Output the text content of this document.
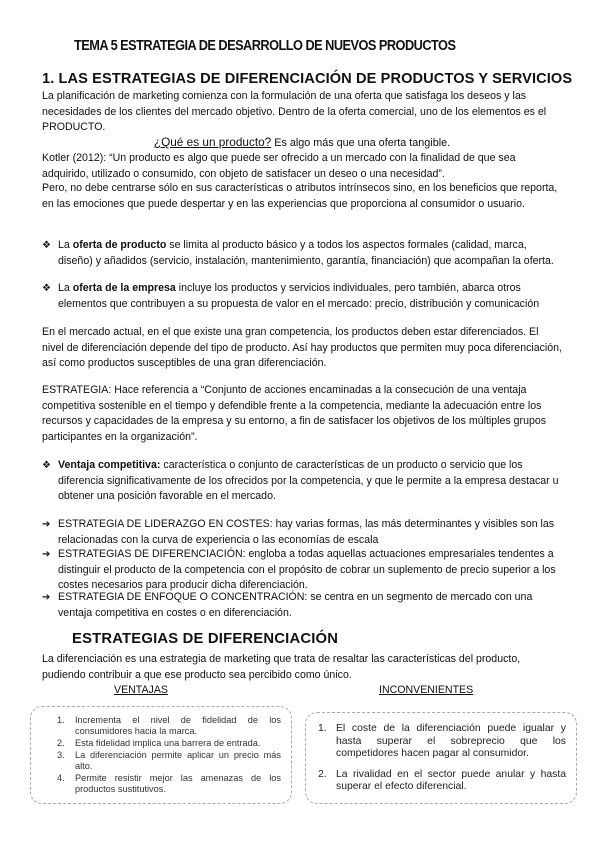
TEMA 5 ESTRATEGIA DE DESARROLLO DE NUEVOS PRODUCTOS
1. LAS ESTRATEGIAS DE DIFERENCIACIÓN DE PRODUCTOS Y SERVICIOS
La planificación de marketing comienza con la formulación de una oferta que satisfaga los deseos y las necesidades de los clientes del mercado objetivo. Dentro de la oferta comercial, uno de los elementos es el PRODUCTO.
¿Qué es un producto? Es algo más que una oferta tangible.
Kotler (2012): “Un producto es algo que puede ser ofrecido a un mercado con la finalidad de que sea adquirido, utilizado o consumido, con objeto de satisfacer un deseo o una necesidad”.
Pero, no debe centrarse sólo en sus características o atributos intrínsecos sino, en los beneficios que reporta, en las emociones que puede despertar y en las experiencias que proporciona al consumidor o usuario.
❖ La oferta de producto se limita al producto básico y a todos los aspectos formales (calidad, marca, diseño) y añadidos (servicio, instalación, mantenimiento, garantía, financiación) que acompañan la oferta.
❖ La oferta de la empresa incluye los productos y servicios individuales, pero también, abarca otros elementos que contribuyen a su propuesta de valor en el mercado: precio, distribución y comunicación
En el mercado actual, en el que existe una gran competencia, los productos deben estar diferenciados. El nivel de diferenciación depende del tipo de producto. Así hay productos que permiten muy poca diferenciación, así como productos susceptibles de una gran diferenciación.
ESTRATEGIA: Hace referencia a “Conjunto de acciones encaminadas a la consecución de una ventaja competitiva sostenible en el tiempo y defendible frente a la competencia, mediante la adecuación entre los recursos y capacidades de la empresa y su entorno, a fin de satisfacer los objetivos de los múltiples grupos participantes en la organización”.
❖ Ventaja competitiva: característica o conjunto de características de un producto o servicio que los diferencia significativamente de los ofrecidos por la competencia, y que le permite a la empresa destacar u obtener una posición favorable en el mercado.
➔ ESTRATEGIA DE LIDERAZGO EN COSTES: hay varias formas, las más determinantes y visibles son las relacionadas con la curva de experiencia o las economías de escala
➔ ESTRATEGIAS DE DIFERENCIACIÓN: engloba a todas aquellas actuaciones empresariales tendentes a distinguir el producto de la competencia con el propósito de cobrar un suplemento de precio superior a los costes necesarios para producir dicha diferenciación.
➔ ESTRATEGIA DE ENFOQUE O CONCENTRACIÓN: se centra en un segmento de mercado con una ventaja competitiva en costes o en diferenciación.
ESTRATEGIAS DE DIFERENCIACIÓN
La diferenciación es una estrategia de marketing que trata de resaltar las características del producto, pudiendo contribuir a que ese producto sea percibido como único.
VENTAJAS	INCONVENIENTES
1. Incrementa el nivel de fidelidad de los consumidores hacia la marca.
2. Esta fidelidad implica una barrera de entrada.
3. La diferenciación permite aplicar un precio más alto.
4. Permite resistir mejor las amenazas de los productos sustitutivos.
1. El coste de la diferenciación puede igualar y hasta superar el sobreprecio que los competidores hacen pagar al consumidor.
2. La rivalidad en el sector puede anular y hasta superar el efecto diferencial.
